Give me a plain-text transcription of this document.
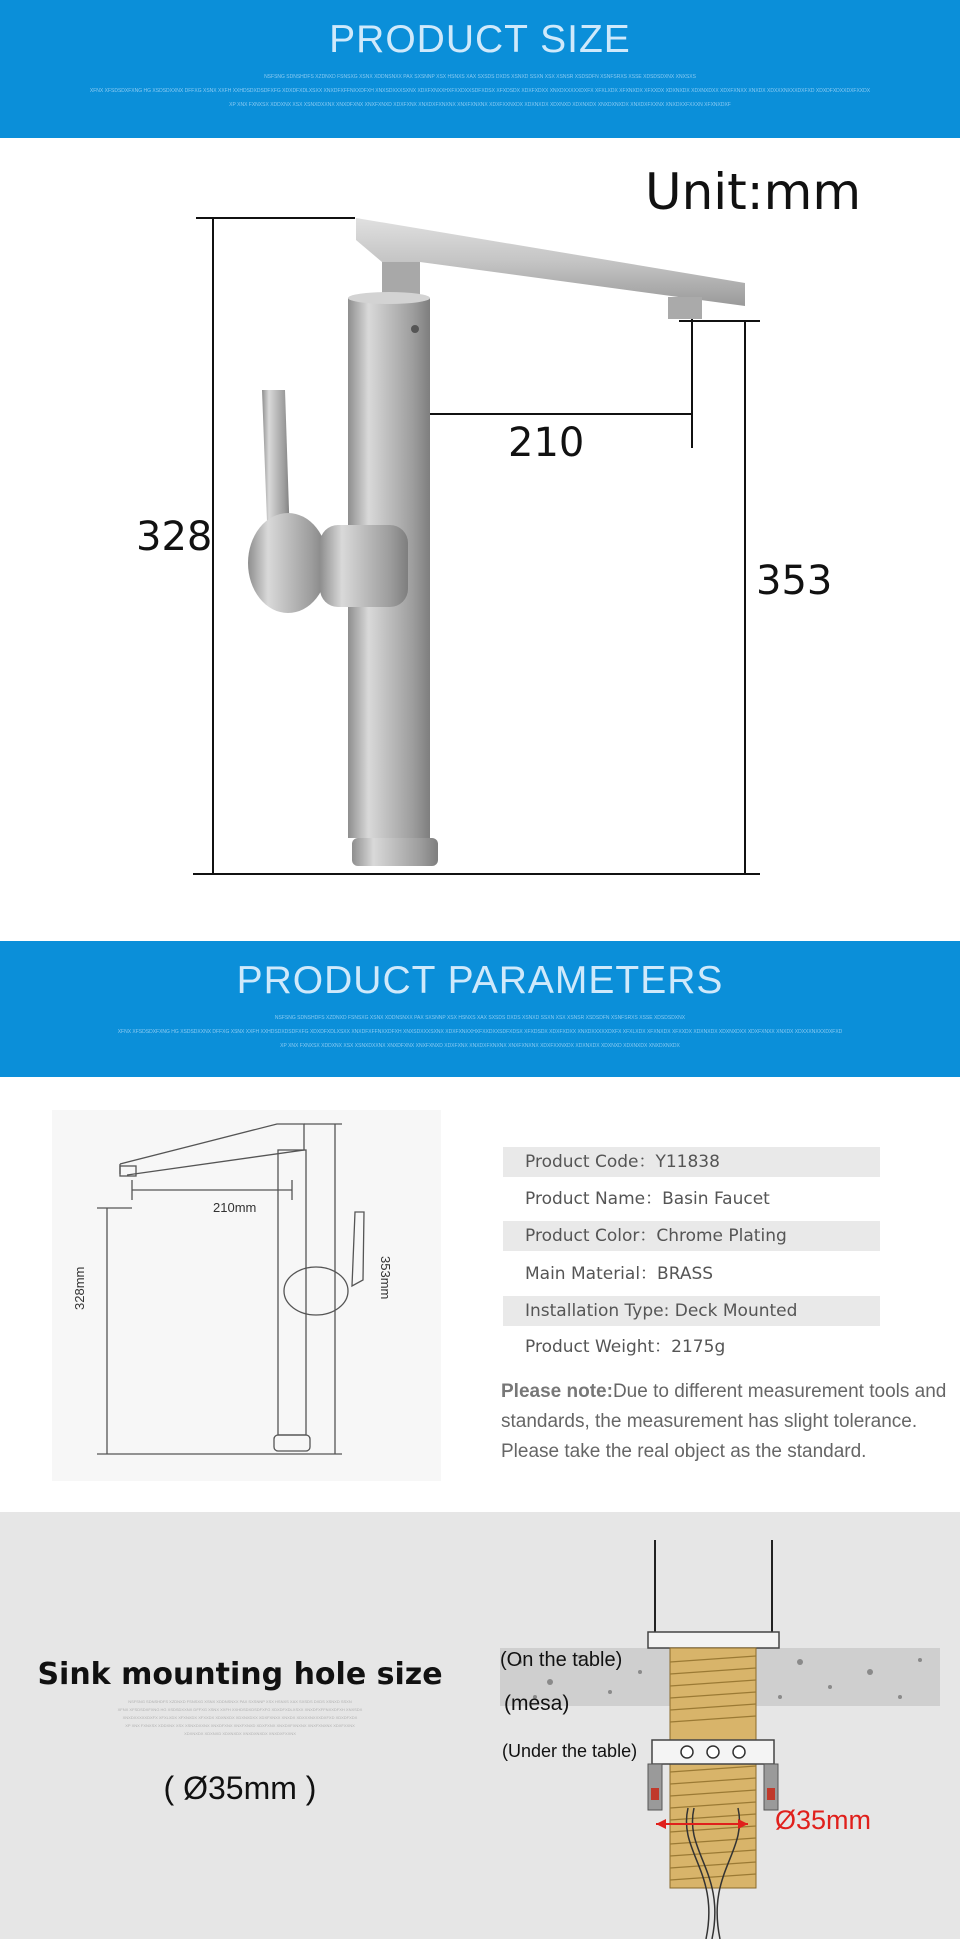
PRODUCT SIZE
NSFSNG SDNSHDFS XZDNXD FSNSXG XSNX XDDNSNXX PAX SXSNNP XSX HSNXS XAX SXSDS DXDS XSNXD SSXN XSX XSNSR XSDSDFN XSNFSRXS XSSE XDSDSDXNX XNXSXS
XFNX XFSDSDXFXNG HG XSDSDXXNX DFFXG XSNX XXFH XXHDSDXDSDFXFG XDXDFXDLXSXX XNXDFXFFNXXDFXH XNXSDXXXSXNX XDXFXNXXHXFXXDXXSDFXDSX XFXDSDX XDXFXDXX XNXDXXXXXDXFX XFXLXDX XFXNXDX XFXXDX XDXNXDX XDXNXDXX XDXFXNXX XNXDX XDXXXNXXXDXFXD XDXDFXDXXDXFXXDX
XP XNX FXNXSX XDDXNX XSX XSNXDXXNX XNXDFXNX XNXFXNXD XDXFXNX XNXDXFXNXNX XNXFXNXNX XDXFXXNXDX XDXNXDX XDXNXD XDXNXDX XNXDXNXDX XNXDXFXXNX XNXDXXFXXXN XFXNXDXF
Unit:mm
210
328
353
PRODUCT PARAMETERS
NSFSNG SDNSHDFS XZDNXD FSNSXG XSNX XDDNSNXX PAX SXSNNP XSX HSNXS XAX SXSDS DXDS XSNXD SSXN XSX XSNSR XSDSDFN XSNFSRXS XSSE XDSDSDXNX
XFNX XFSDSDXFXNG HG XSDSDXXNX DFFXG XSNX XXFH XXHDSDXDSDFXFG XDXDFXDLXSXX XNXDFXFFNXXDFXH XNXSDXXXSXNX XDXFXNXXHXFXXDXXSDFXDSX XFXDSDX XDXFXDXX XNXDXXXXXDXFX XFXLXDX XFXNXDX XFXXDX XDXNXDX XDXNXDXX XDXFXNXX XNXDX XDXXXNXXXDXFXD
XP XNX FXNXSX XDDXNX XSX XSNXDXXNX XNXDFXNX XNXFXNXD XDXFXNX XNXDXFXNXNX XNXFXNXNX XDXFXXNXDX XDXNXDX XDXNXD XDXNXDX XNXDXNXDX
210mm
328mm	353mm
Product Code：Y11838
Product Name：Basin Faucet
Product Color：Chrome Plating
Main Material：BRASS
Installation Type: Deck Mounted
Product Weight：2175g
Please note:Due to different measurement tools and standards, the measurement has slight tolerance. Please take the real object as the standard.
Sink mounting hole size
NSFSNG SDNSHDFS XZDNXD FSNSXG XSNX XDDNSNXX PAX SXSNNP XSX HSNXS XAX SXSDS DXDS XSNXD SSXN
XFNX XFSDSDXFXNG HG XSDSDXXNX DFFXG XSNX XXFH XXHDSDXDSDFXFG XDXDFXDLXSXX XNXDFXFFNXXDFXH XNXSDX
XNXDXXXXXDXFX XFXLXDX XFXNXDX XFXXDX XDXNXDX XDXNXDXX XDXFXNXX XNXDX XDXXXNXXXDXFXD XDXDFXDX
XP XNX FXNXSX XDDXNX XSX XSNXDXXNX XNXDFXNX XNXFXNXD XDXFXNX XNXDXFXNXNX XNXFXNXNX XDXFXXNX
XDXNXDX XDXNXD XDXNXDX XNXDXNXDX XNXDXFXXNX
( Ø35mm )
(On the table)
(mesa)
(Under the table)
Ø35mm
